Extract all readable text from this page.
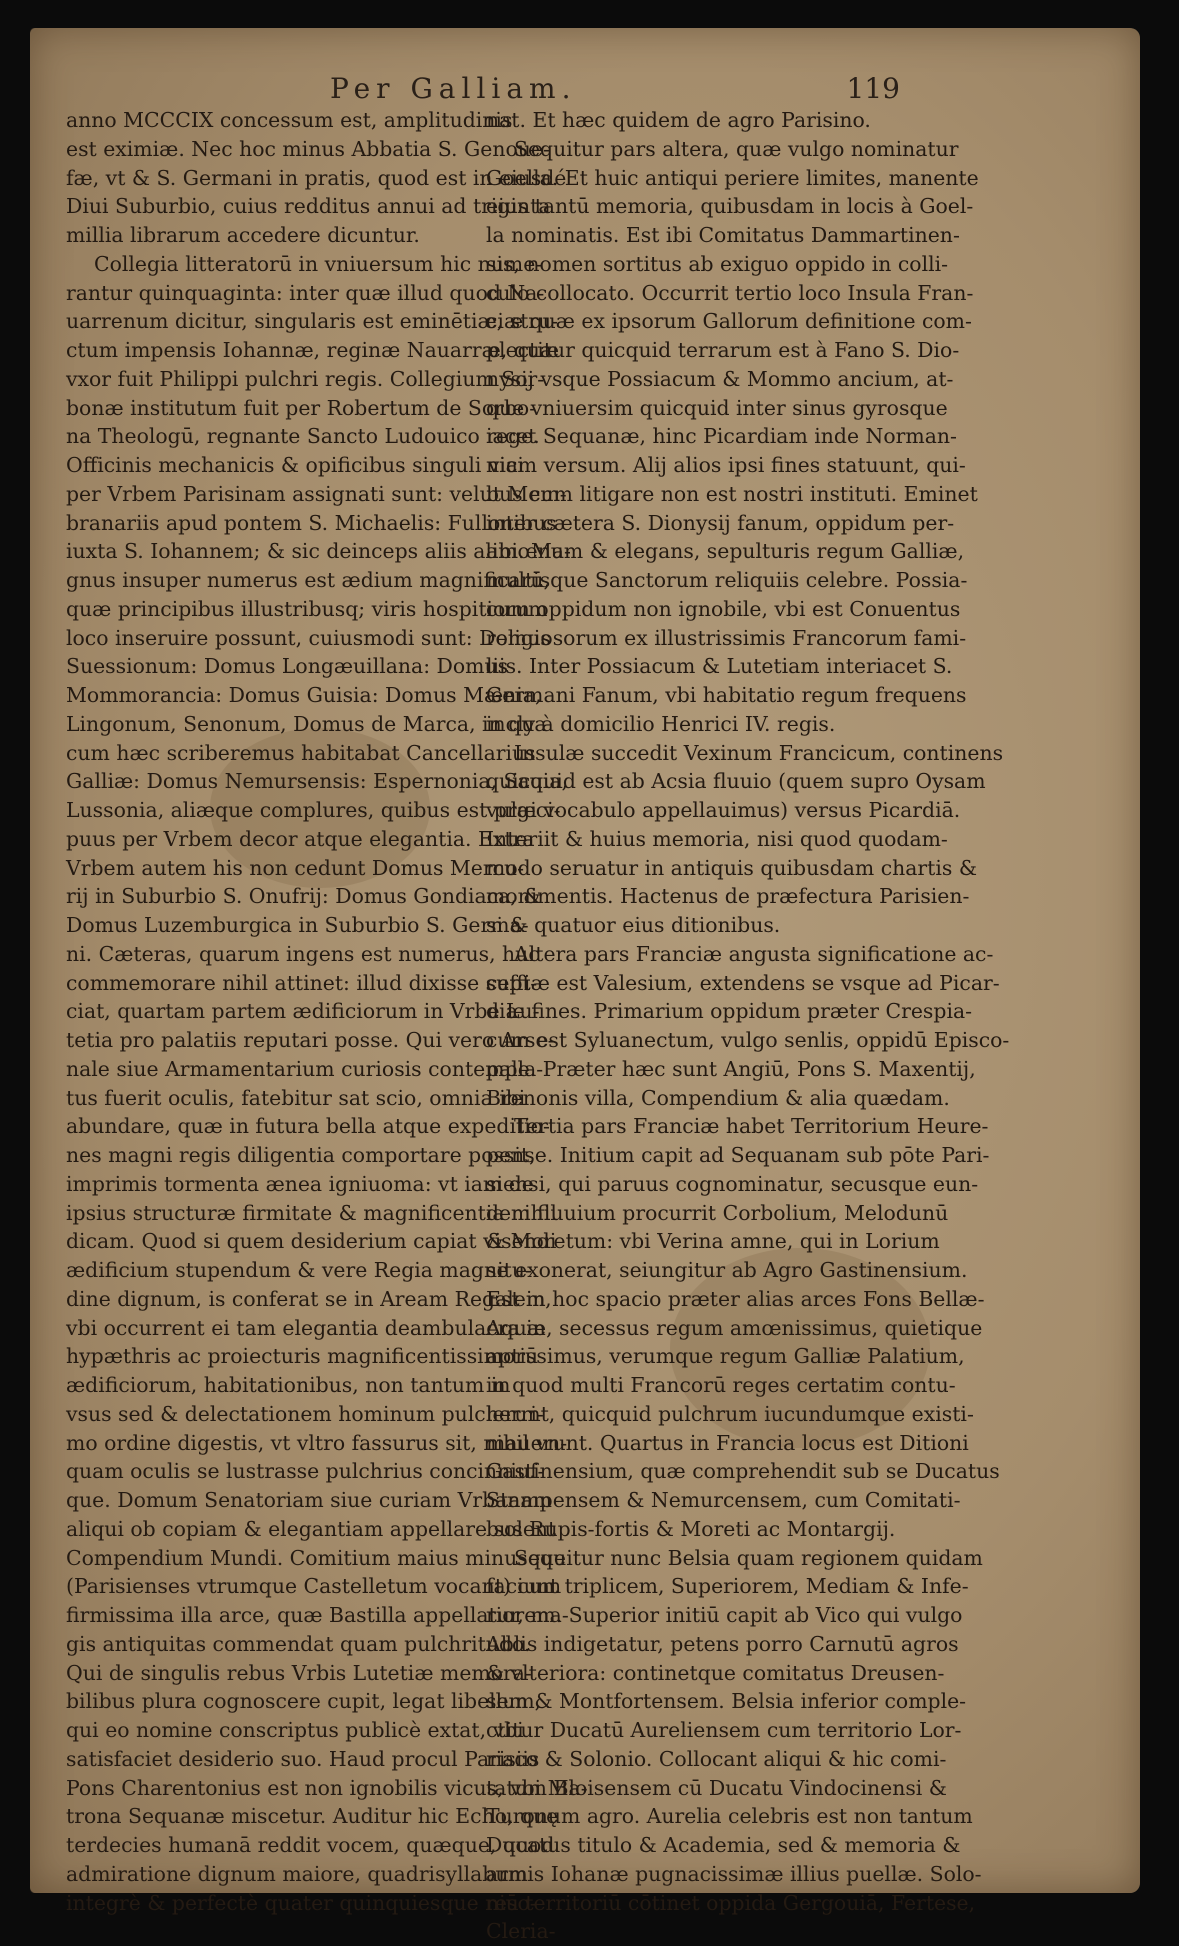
Per Galliam.	119
anno MCCCIX concessum est, amplitudinis
est eximiæ. Nec hoc minus Abbatia S. Genoue-
fæ, vt & S. Germani in pratis, quod est in eiusdé
Diui Suburbio, cuius redditus annui ad triginta
millia librarum accedere dicuntur.
Collegia litteratorū in vniuersum hic nume-
rantur quinquaginta: inter quæ illud quod Na-
uarrenum dicitur, singularis est eminētiæ, stru-
ctum impensis Iohannæ, reginæ Nauarræ, quæ
vxor fuit Philippi pulchri regis. Collegium Sor-
bonæ institutum fuit per Robertum de Sorbo-
na Theologū, regnante Sancto Ludouico rege.
Officinis mechanicis & opificibus singuli vici
per Vrbem Parisinam assignati sunt: velut Mem-
branariis apud pontem S. Michaelis: Fullonibus
iuxta S. Iohannem; & sic deinceps aliis alibi. Ma-
gnus insuper numerus est ædium magnificarū,
quæ principibus illustribusq; viris hospitiorum
loco inseruire possunt, cuiusmodi sunt: Domus
Suessionum: Domus Longæuillana: Domus
Mommorancia: Domus Guisia: Domus Mænia,
Lingonum, Senonum, Domus de Marca, in qua
cum hæc scriberemus habitabat Cancellarius
Galliæ: Domus Nemursensis: Espernonia, Sauia,
Lussonia, aliæque complures, quibus est præci-
puus per Vrbem decor atque elegantia. Extra
Vrbem autem his non cedunt Domus Mercu-
rij in Suburbio S. Onufrij: Domus Gondiaca, &
Domus Luzemburgica in Suburbio S. Germa-
ni. Cæteras, quarum ingens est numerus, huc
commemorare nihil attinet: illud dixisse suffi-
ciat, quartam partem ædificiorum in Vrbe Lu-
tetia pro palatiis reputari posse. Qui vero Arse-
nale siue Armamentarium curiosis contempla-
tus fuerit oculis, fatebitur sat scio, omnia ibi
abundare, quæ in futura bella atque expeditio-
nes magni regis diligentia comportare possit,
imprimis tormenta ænea igniuoma: vt iam de
ipsius structuræ firmitate & magnificentia nihil
dicam. Quod si quem desiderium capiat visendi
ædificium stupendum & vere Regia magnitu-
dine dignum, is conferat se in Aream Regalem,
vbi occurrent ei tam elegantia deambulacra in
hypæthris ac proiecturis magnificentissimorū
ædificiorum, habitationibus, non tantum in
vsus sed & delectationem hominum pulcherri-
mo ordine digestis, vt vltro fassurus sit, nihil vn-
quam oculis se lustrasse pulchrius concinniuſ-
que. Domum Senatoriam siue curiam Vrbanam
aliqui ob copiam & elegantiam appellare solent
Compendium Mundi. Comitium maius minusque
(Parisienses vtrumque Castelletum vocant) cum
firmissima illa arce, quæ Bastilla appellatur, ma-
gis antiquitas commendat quam pulchritudo.
Qui de singulis rebus Vrbis Lutetiæ memora-
bilibus plura cognoscere cupit, legat libellum,
qui eo nomine conscriptus publicè extat, vbi
satisfaciet desiderio suo. Haud procul Parisiis
Pons Charentonius est non ignobilis vicus, vbi Ma-
trona Sequanæ miscetur. Auditur hic Echo, quę
terdecies humanā reddit vocem, quæque, quod
admiratione dignum maiore, quadrisyllabum
integrè & perfectè quater quinquiesque reso-
nat. Et hæc quidem de agro Parisino.
Sequitur pars altera, quæ vulgo nominatur
Goella. Et huic antiqui periere limites, manente
eius tantū memoria, quibusdam in locis à Goel-
la nominatis. Est ibi Comitatus Dammartinen-
sis, nomen sortitus ab exiguo oppido in colli-
culo collocato. Occurrit tertio loco Insula Fran-
ciæ quæ ex ipsorum Gallorum definitione com-
plectitur quicquid terrarum est à Fano S. Dio-
nysij vsque Possiacum & Mommo ancium, at-
que vniuersim quicquid inter sinus gyrosque
iacet Sequanæ, hinc Picardiam inde Norman-
niam versum. Alij alios ipsi fines statuunt, qui-
bus cum litigare non est nostri instituti. Eminet
inter cætera S. Dionysij fanum, oppidum per-
amœnum & elegans, sepulturis regum Galliæ,
multisque Sanctorum reliquiis celebre. Possia-
cum oppidum non ignobile, vbi est Conuentus
religiosorum ex illustrissimis Francorum fami-
liis. Inter Possiacum & Lutetiam interiacet S.
Germani Fanum, vbi habitatio regum frequens
incly à domicilio Henrici IV. regis.
Insulæ succedit Vexinum Francicum, continens
quicquid est ab Acsia fluuio (quem supro Oysam
vulgi vocabulo appellauimus) versus Picardiā.
Interiit & huius memoria, nisi quod quodam-
modo seruatur in antiquis quibusdam chartis &
monimentis. Hactenus de præfectura Parisien-
si & quatuor eius ditionibus.
Altera pars Franciæ angusta significatione ac-
ceptæ est Valesium, extendens se vsque ad Picar-
diæ fines. Primarium oppidum præter Crespia-
cum est Syluanectum, vulgo senlis, oppidū Episco-
pale. Præter hæc sunt Angiū, Pons S. Maxentij,
Brenonis villa, Compendium & alia quædam.
Tertia pars Franciæ habet Territorium Heure-
pense. Initium capit ad Sequanam sub pōte Pari-
siensi, qui paruus cognominatur, secusque eun-
dem fluuium procurrit Corbolium, Melodunū
& Moretum: vbi Verina amne, qui in Lorium
se exonerat, seiungitur ab Agro Gastinensium.
Est in hoc spacio præter alias arces Fons Bellæ-
Aquæ, secessus regum amœnissimus, quietique
aptissimus, verumque regum Galliæ Palatium,
in quod multi Francorū reges certatim contu-
lerunt, quicquid pulchrum iucundumque existi-
mauerunt. Quartus in Francia locus est Ditioni
Gastinensium, quæ comprehendit sub se Ducatus
Stampensem & Nemurcensem, cum Comitati-
bus Rupis-fortis & Moreti ac Montargij.
Sequitur nunc Belsia quam regionem quidam
faciunt triplicem, Superiorem, Mediam & Infe-
riorem. Superior initiū capit ab Vico qui vulgo
Ablis indigetatur, petens porro Carnutū agros
& vlteriora: continetque comitatus Dreusen-
sem & Montfortensem. Belsia inferior comple-
ctitur Ducatū Aureliensem cum territorio Lor-
riaco & Solonio. Collocant aliqui & hic comi-
tatum Bloisensem cū Ducatu Vindocinensi &
Turonum agro. Aurelia celebris est non tantum
Ducatus titulo & Academia, sed & memoria &
armis Iohanæ pugnacissimæ illius puellæ. Solo-
niū territoriū cōtinet oppida Gergouiā, Fertese,
Cleria-
